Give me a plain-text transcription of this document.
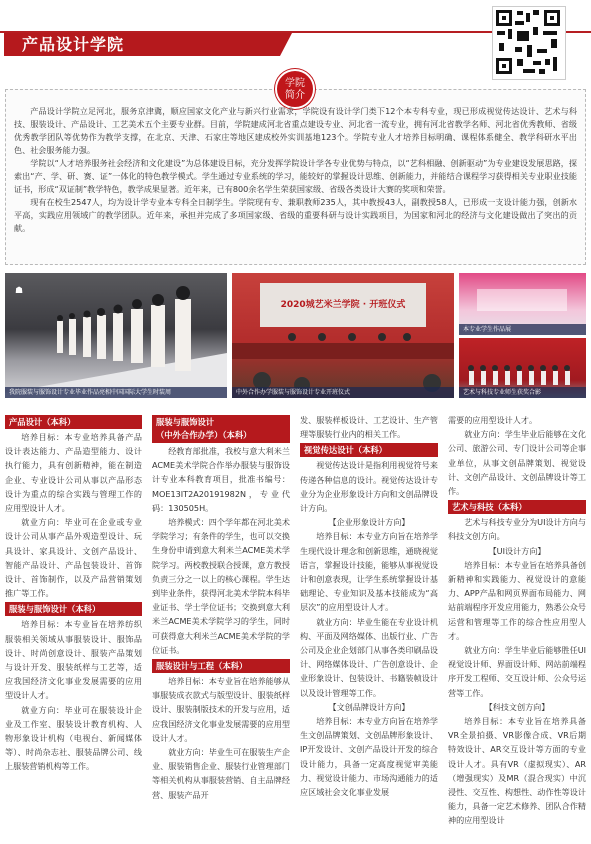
产品设计学院
学院
简介

产品设计学院立足河北，服务京津冀，顺应国家文化产业与新兴行业需求，学院设有设计学门类下12个本专科专业，现已形成视觉传达设计、艺术与科技、服装设计、产品设计、工艺美术五个主要专业群。目前，学院建成河北省重点建设专业、河北省一流专业，拥有河北省教学名师、河北省优秀教师、省级优秀教学团队等优势作为教学支撑，在北京、天津、石家庄等地区建成校外实训基地123个。学院专业人才培养目标明确、课程体系健全、教学科研水平出色、社会服务能力强。

学院以“人才培养服务社会经济和文化建设”为总体建设目标，充分发挥学院设计学各专业优势与特点，以“艺科相融、创新驱动”为专业建设发展思路，探索出“产、学、研、赛、证”一体化的特色教学模式。学生通过专业系统的学习，能较好的掌握设计思维、创新能力，并能结合课程学习获得相关专业职业技能证书，形成“双证制”教学特色，教学成果显著。近年来，已有800余名学生荣获国家级、省级各类设计大赛的奖项和荣誉。

现有在校生2547人，均为设计学专业本专科全日制学生。学院现有专、兼职教师235人，其中教授43人，副教授58人，已形成一支设计能力强，创新水平高，实践应用领域广的教学团队。近年来，承担并完成了多项国家级、省级的重要科研与设计实践项目，为国家和河北的经济与文化建设做出了突出的贡献。

☗
我院服装与服饰设计专业毕业作品亮相中国国际大学生时装周
2020城艺米兰学院 · 开班仪式
中外合作办学服装与服饰设计专业开班仪式
本专业学生作品展
艺术与科技专业师生获奖合影
产品设计（本科）

培养目标：本专业培养具备产品设计表达能力、产品造型能力、设计执行能力，具有创新精神，能在制造企业、专业设计公司从事以产品形态设计为重点的综合实践与管理工作的应用型设计人才。

就业方向：毕业可在企业或专业设计公司从事产品外观造型设计、玩具设计、家具设计、文创产品设计、智能产品设计、产品包装设计、首饰设计、首饰制作，以及产品营销策划推广等工作。

服装与服饰设计（本科）

培养目标：本专业旨在培养纺织服装相关领域从事服装设计、服饰品设计、时尚创意设计、服装产品策划与设计开发、服装纸样与工艺等，适应我国经济文化事业发展需要的应用型设计人才。

就业方向：毕业可在服装设计企业及工作室、服装设计教育机构、人物形象设计机构（电视台、新闻媒体等）、时尚杂志社、服装品牌公司、线上服装营销机构等工作。

服装与服饰设计
（中外合作办学）（本科）

经教育部批准，我校与意大利米兰ACME美术学院合作举办服装与服饰设计专业本科教育项目，批准书编号：MOE13IT2A20191982N，专业代码：130505H。

培养模式：四个学年都在河北美术学院学习；有条件的学生，也可以交换生身份申请到意大利米兰ACME美术学院学习。两校教授联合授课，意方教授负责三分之一以上的核心课程。学生达到毕业条件，获得河北美术学院本科毕业证书、学士学位证书；交换到意大利米兰ACME美术学院学习的学生，同时可获得意大利米兰ACME美术学院的学位证书。

服装设计与工程（本科）

培养目标：本专业旨在培养能够从事服装成衣款式与版型设计、服装纸样设计、服装制版技术的开发与应用，适应我国经济文化事业发展需要的应用型设计人才。

就业方向：毕业生可在服装生产企业、服装销售企业、服装行业管理部门等相关机构从事服装营销、自主品牌经营、服装产品开

发、服装样板设计、工艺设计、生产管理等服装行业内的相关工作。

视觉传达设计（本科）

视觉传达设计是指利用视觉符号来传递各种信息的设计。视觉传达设计专业分为企业形象设计方向和文创品牌设计方向。

【企业形象设计方向】

培养目标：本专业方向旨在培养学生现代设计理念和创新思维，通晓视觉语言，掌握设计技能，能够从事视觉设计和创意表现，让学生系统掌握设计基础理论、专业知识及基本技能成为“高层次”的应用型设计人才。

就业方向：毕业生能在专业设计机构、平面及网络媒体、出版行业、广告公司及企业企划部门从事各类印刷品设计、网络媒体设计、广告创意设计、企业形象设计、包装设计、书籍装帧设计以及设计管理等工作。

【文创品牌设计方向】

培养目标：本专业方向旨在培养学生文创品牌策划、文创品牌形象设计、IP开发设计、文创产品设计开发的综合设计能力，具备一定高度视觉审美能力、视觉设计能力、市场沟通能力的适应区域社会文化事业发展

需要的应用型设计人才。

就业方向：学生毕业后能够在文化公司、旅游公司、专门设计公司等企事业单位，从事文创品牌策划、视觉设计、文创产品设计、文创品牌设计等工作。

艺术与科技（本科）

艺术与科技专业分为UI设计方向与科技文创方向。

【UI设计方向】

培养目标：本专业旨在培养具备创新精神和实践能力、视觉设计的意能力、APP产品和网页界面布局能力、网站前端程序开发应用能力，熟悉公众号运营和管理等工作的综合性应用型人才。

就业方向：学生毕业后能够胜任UI视觉设计师、界面设计师、网站前端程序开发工程师、交互设计师、公众号运营等工作。

【科技文创方向】

培养目标：本专业旨在培养具备VR全景拍摄、VR影像合成、VR后期特效设计、AR交互设计等方面的专业设计人才。具有VR（虚拟现实）、AR（增强现实）及MR（混合现实）中沉浸性、交互性、构想性、动作性等设计能力，具备一定艺术修养、团队合作精神的应用型设计
